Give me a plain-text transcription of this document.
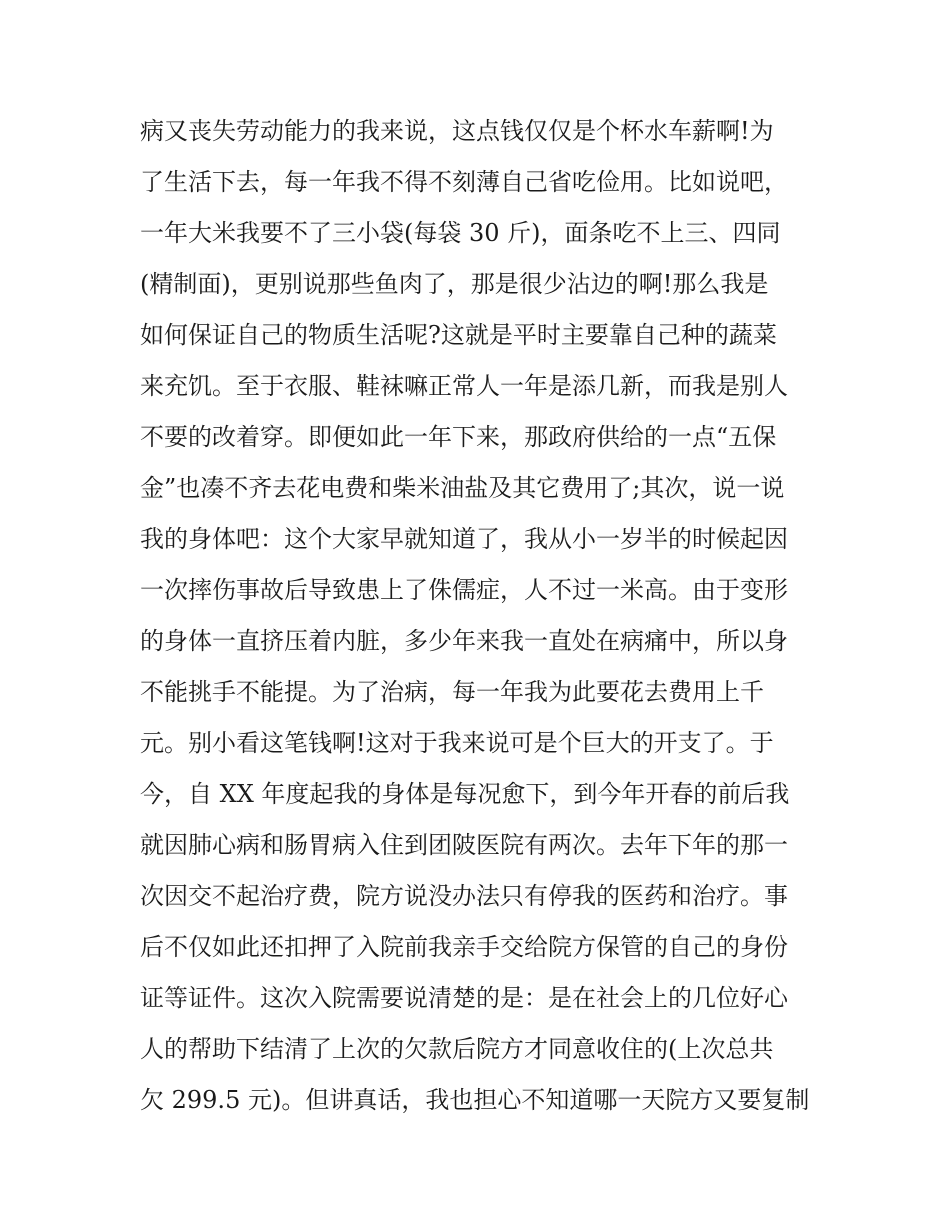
病又丧失劳动能力的我来说，这点钱仅仅是个杯水车薪啊!为
了生活下去，每一年我不得不刻薄自己省吃俭用。比如说吧，
一年大米我要不了三小袋(每袋 30 斤)，面条吃不上三、四同
(精制面)，更别说那些鱼肉了，那是很少沾边的啊!那么我是
如何保证自己的物质生活呢?这就是平时主要靠自己种的蔬菜
来充饥。至于衣服、鞋袜嘛正常人一年是添几新，而我是别人
不要的改着穿。即便如此一年下来，那政府供给的一点“五保
金”也凑不齐去花电费和柴米油盐及其它费用了;其次，说一说
我的身体吧：这个大家早就知道了，我从小一岁半的时候起因
一次摔伤事故后导致患上了侏儒症，人不过一米高。由于变形
的身体一直挤压着内脏，多少年来我一直处在病痛中，所以身
不能挑手不能提。为了治病，每一年我为此要花去费用上千
元。别小看这笔钱啊!这对于我来说可是个巨大的开支了。于
今，自 XX 年度起我的身体是每况愈下，到今年开春的前后我
就因肺心病和肠胃病入住到团陂医院有两次。去年下年的那一
次因交不起治疗费，院方说没办法只有停我的医药和治疗。事
后不仅如此还扣押了入院前我亲手交给院方保管的自己的身份
证等证件。这次入院需要说清楚的是：是在社会上的几位好心
人的帮助下结清了上次的欠款后院方才同意收住的(上次总共
欠 299.5 元)。但讲真话，我也担心不知道哪一天院方又要复制
